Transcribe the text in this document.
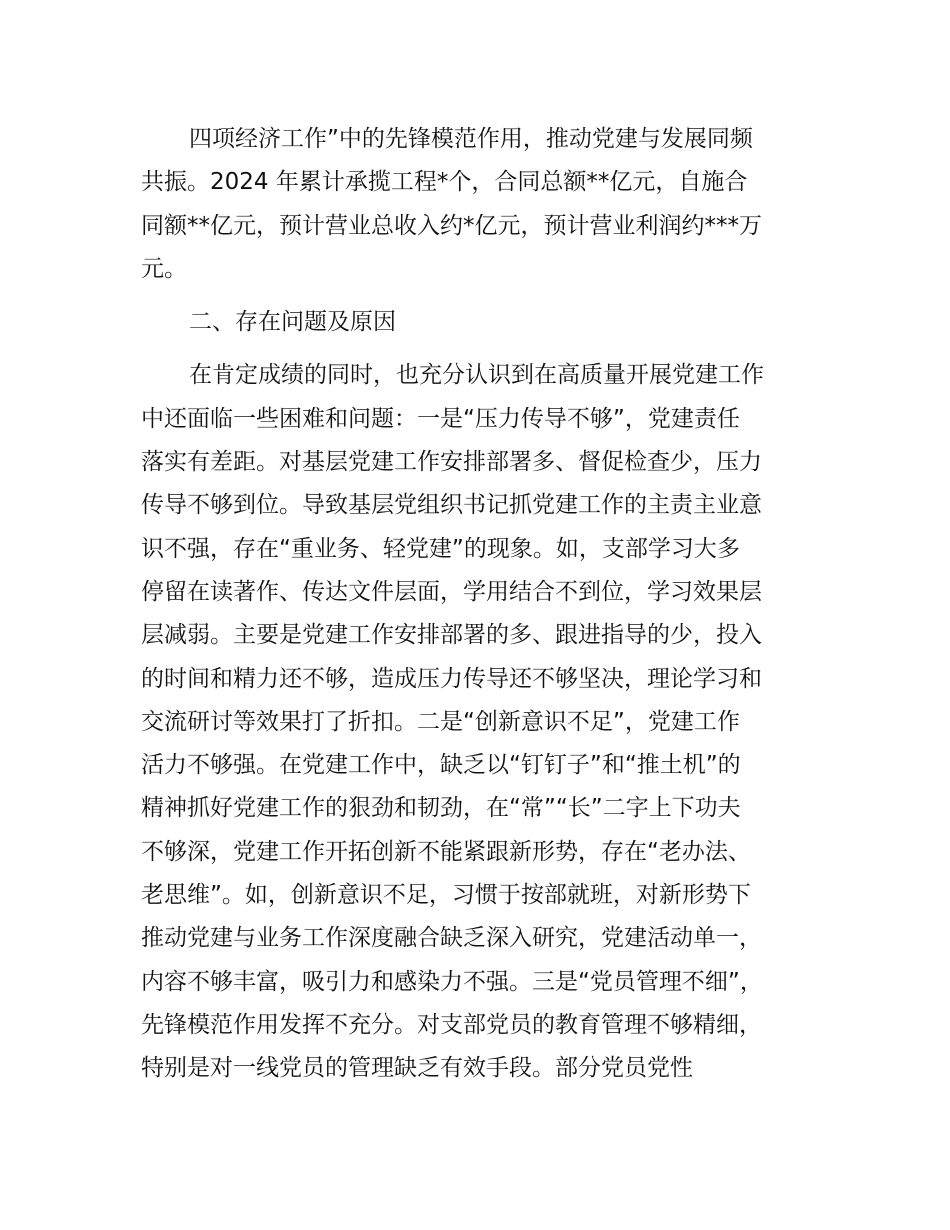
四项经济工作”中的先锋模范作用，推动党建与发展同频
共振。2024 年累计承揽工程*个，合同总额**亿元，自施合
同额**亿元，预计营业总收入约*亿元，预计营业利润约***万
元。
二、存在问题及原因
在肯定成绩的同时，也充分认识到在高质量开展党建工作
中还面临一些困难和问题：一是“压力传导不够”，党建责任
落实有差距。对基层党建工作安排部署多、督促检查少，压力
传导不够到位。导致基层党组织书记抓党建工作的主责主业意
识不强，存在“重业务、轻党建”的现象。如，支部学习大多
停留在读著作、传达文件层面，学用结合不到位，学习效果层
层减弱。主要是党建工作安排部署的多、跟进指导的少，投入
的时间和精力还不够，造成压力传导还不够坚决，理论学习和
交流研讨等效果打了折扣。二是“创新意识不足”，党建工作
活力不够强。在党建工作中，缺乏以“钉钉子”和“推土机”的
精神抓好党建工作的狠劲和韧劲，在“常”“长”二字上下功夫
不够深，党建工作开拓创新不能紧跟新形势，存在“老办法、
老思维”。如，创新意识不足，习惯于按部就班，对新形势下
推动党建与业务工作深度融合缺乏深入研究，党建活动单一，
内容不够丰富，吸引力和感染力不强。三是“党员管理不细”，
先锋模范作用发挥不充分。对支部党员的教育管理不够精细，
特别是对一线党员的管理缺乏有效手段。部分党员党性
